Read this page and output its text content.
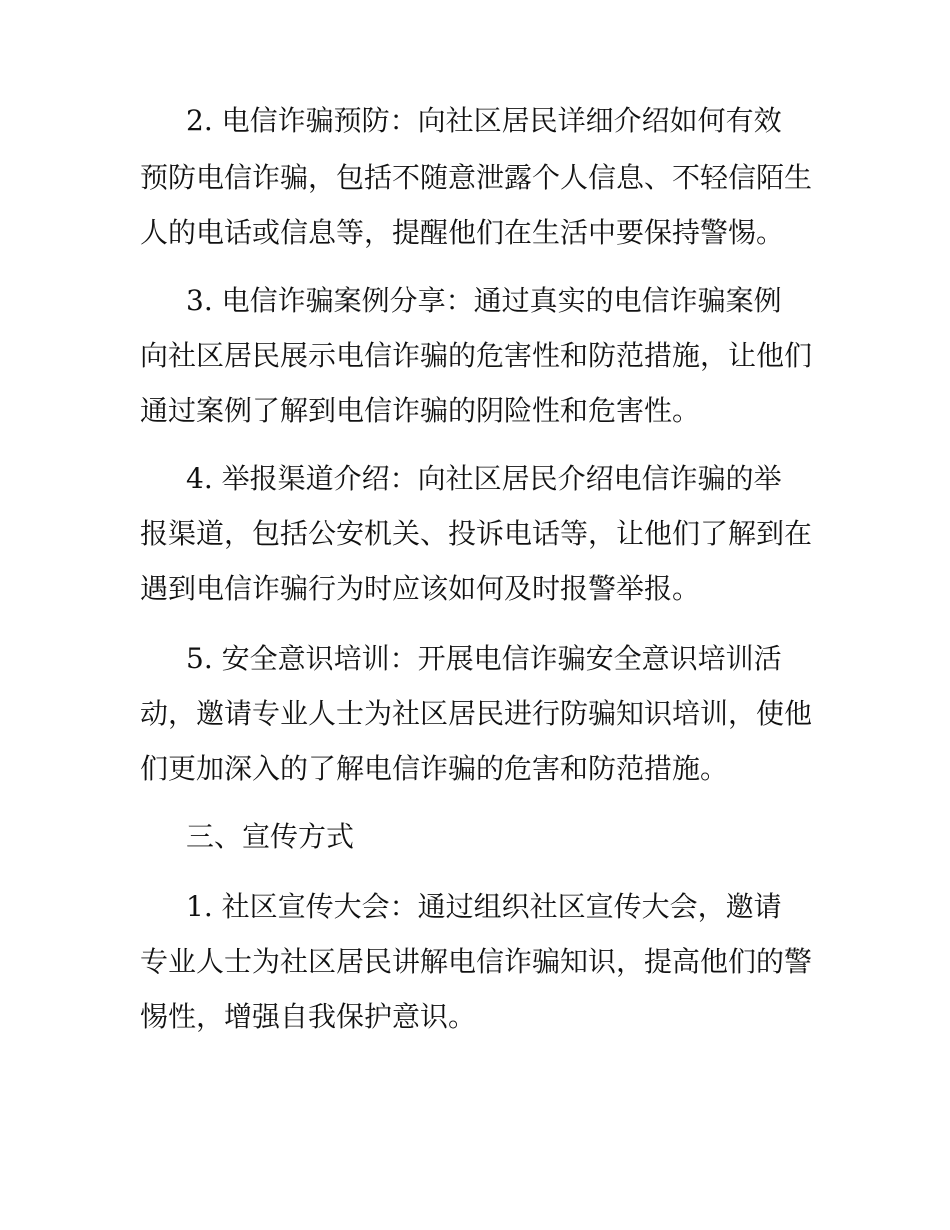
2. 电信诈骗预防：向社区居民详细介绍如何有效
预防电信诈骗，包括不随意泄露个人信息、不轻信陌生
人的电话或信息等，提醒他们在生活中要保持警惕。
3. 电信诈骗案例分享：通过真实的电信诈骗案例
向社区居民展示电信诈骗的危害性和防范措施，让他们
通过案例了解到电信诈骗的阴险性和危害性。
4. 举报渠道介绍：向社区居民介绍电信诈骗的举
报渠道，包括公安机关、投诉电话等，让他们了解到在
遇到电信诈骗行为时应该如何及时报警举报。
5. 安全意识培训：开展电信诈骗安全意识培训活
动，邀请专业人士为社区居民进行防骗知识培训，使他
们更加深入的了解电信诈骗的危害和防范措施。
三、宣传方式
1. 社区宣传大会：通过组织社区宣传大会，邀请
专业人士为社区居民讲解电信诈骗知识，提高他们的警
惕性，增强自我保护意识。
